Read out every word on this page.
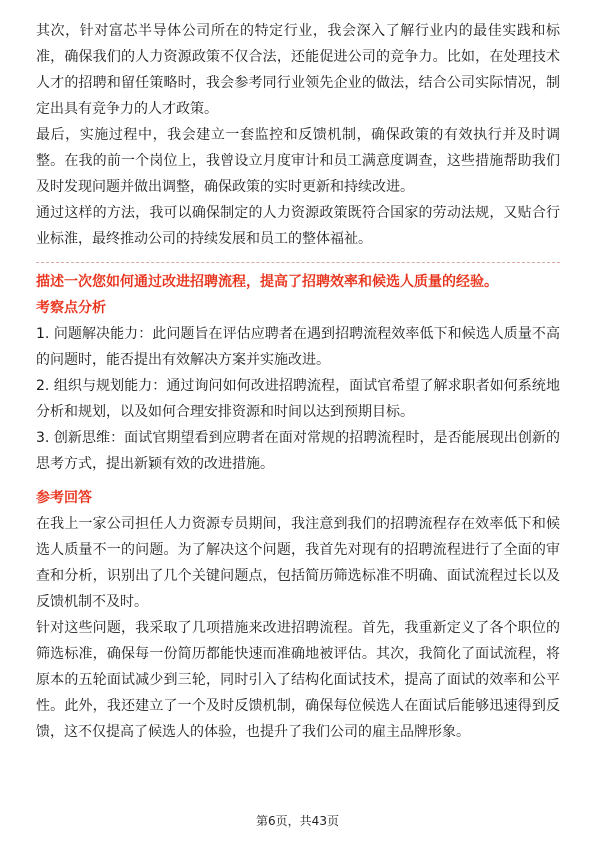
其次，针对富芯半导体公司所在的特定行业，我会深入了解行业内的最佳实践和标准，确保我们的人力资源政策不仅合法，还能促进公司的竞争力。比如，在处理技术人才的招聘和留任策略时，我会参考同行业领先企业的做法，结合公司实际情况，制定出具有竞争力的人才政策。

最后，实施过程中，我会建立一套监控和反馈机制，确保政策的有效执行并及时调整。在我的前一个岗位上，我曾设立月度审计和员工满意度调查，这些措施帮助我们及时发现问题并做出调整，确保政策的实时更新和持续改进。

通过这样的方法，我可以确保制定的人力资源政策既符合国家的劳动法规，又贴合行业标淮，最终推动公司的持续发展和员工的整体福祉。

描述一次您如何通过改进招聘流程，提高了招聘效率和候选人质量的经验。

考察点分析

1. 问题解决能力：此问题旨在评估应聘者在遇到招聘流程效率低下和候选人质量不高的问题时，能否提出有效解决方案并实施改进。

2. 组织与规划能力：通过询问如何改进招聘流程，面试官希望了解求职者如何系统地分析和规划，以及如何合理安排资源和时间以达到预期目标。

3. 创新思维：面试官期望看到应聘者在面对常规的招聘流程时，是否能展现出创新的思考方式，提出新颖有效的改进措施。

参考回答

在我上一家公司担任人力资源专员期间，我注意到我们的招聘流程存在效率低下和候选人质量不一的问题。为了解决这个问题，我首先对现有的招聘流程进行了全面的审查和分析，识别出了几个关键问题点，包括简历筛选标准不明确、面试流程过长以及反馈机制不及时。

针对这些问题，我采取了几项措施来改进招聘流程。首先，我重新定义了各个职位的筛选标准，确保每一份简历都能快速而准确地被评估。其次，我简化了面试流程，将原本的五轮面试减少到三轮，同时引入了结构化面试技术，提高了面试的效率和公平性。此外，我还建立了一个及时反馈机制，确保每位候选人在面试后能够迅速得到反馈，这不仅提高了候选人的体验，也提升了我们公司的雇主品牌形象。

第6页，共43页
